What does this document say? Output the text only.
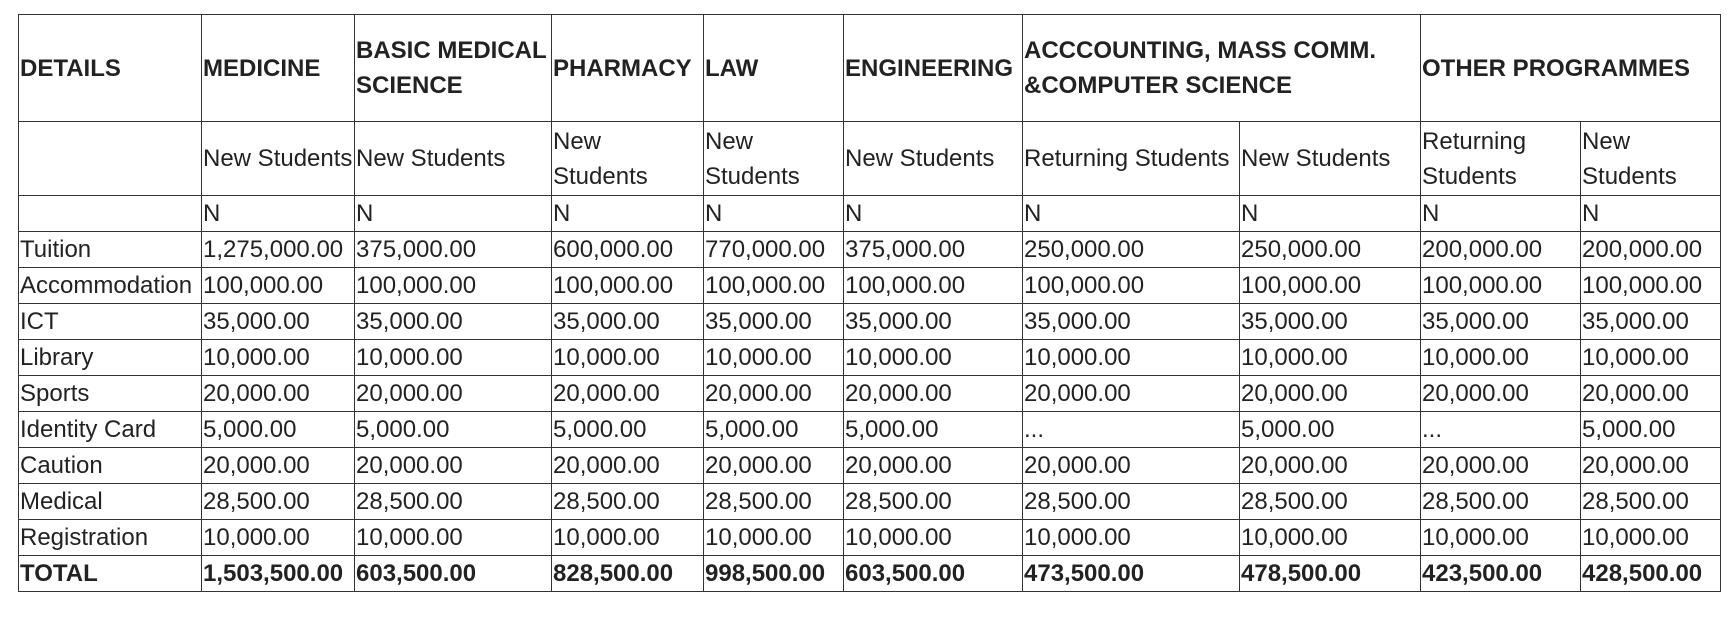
DETAILS	MEDICINE	BASIC MEDICAL SCIENCE	PHARMACY	LAW	ENGINEERING	ACCCOUNTING, MASS COMM. &COMPUTER SCIENCE		OTHER PROGRAMMES	
	New Students	New Students	New Students	New Students	New Students	Returning Students	New Students	Returning Students	New Students
	N	N	N	N	N	N	N	N	N
Tuition	1,275,000.00	375,000.00	600,000.00	770,000.00	375,000.00	250,000.00	250,000.00	200,000.00	200,000.00
Accommodation	100,000.00	100,000.00	100,000.00	100,000.00	100,000.00	100,000.00	100,000.00	100,000.00	100,000.00
ICT	35,000.00	35,000.00	35,000.00	35,000.00	35,000.00	35,000.00	35,000.00	35,000.00	35,000.00
Library	10,000.00	10,000.00	10,000.00	10,000.00	10,000.00	10,000.00	10,000.00	10,000.00	10,000.00
Sports	20,000.00	20,000.00	20,000.00	20,000.00	20,000.00	20,000.00	20,000.00	20,000.00	20,000.00
Identity Card	5,000.00	5,000.00	5,000.00	5,000.00	5,000.00	...	5,000.00	...	5,000.00
Caution	20,000.00	20,000.00	20,000.00	20,000.00	20,000.00	20,000.00	20,000.00	20,000.00	20,000.00
Medical	28,500.00	28,500.00	28,500.00	28,500.00	28,500.00	28,500.00	28,500.00	28,500.00	28,500.00
Registration	10,000.00	10,000.00	10,000.00	10,000.00	10,000.00	10,000.00	10,000.00	10,000.00	10,000.00
TOTAL	1,503,500.00	603,500.00	828,500.00	998,500.00	603,500.00	473,500.00	478,500.00	423,500.00	428,500.00
